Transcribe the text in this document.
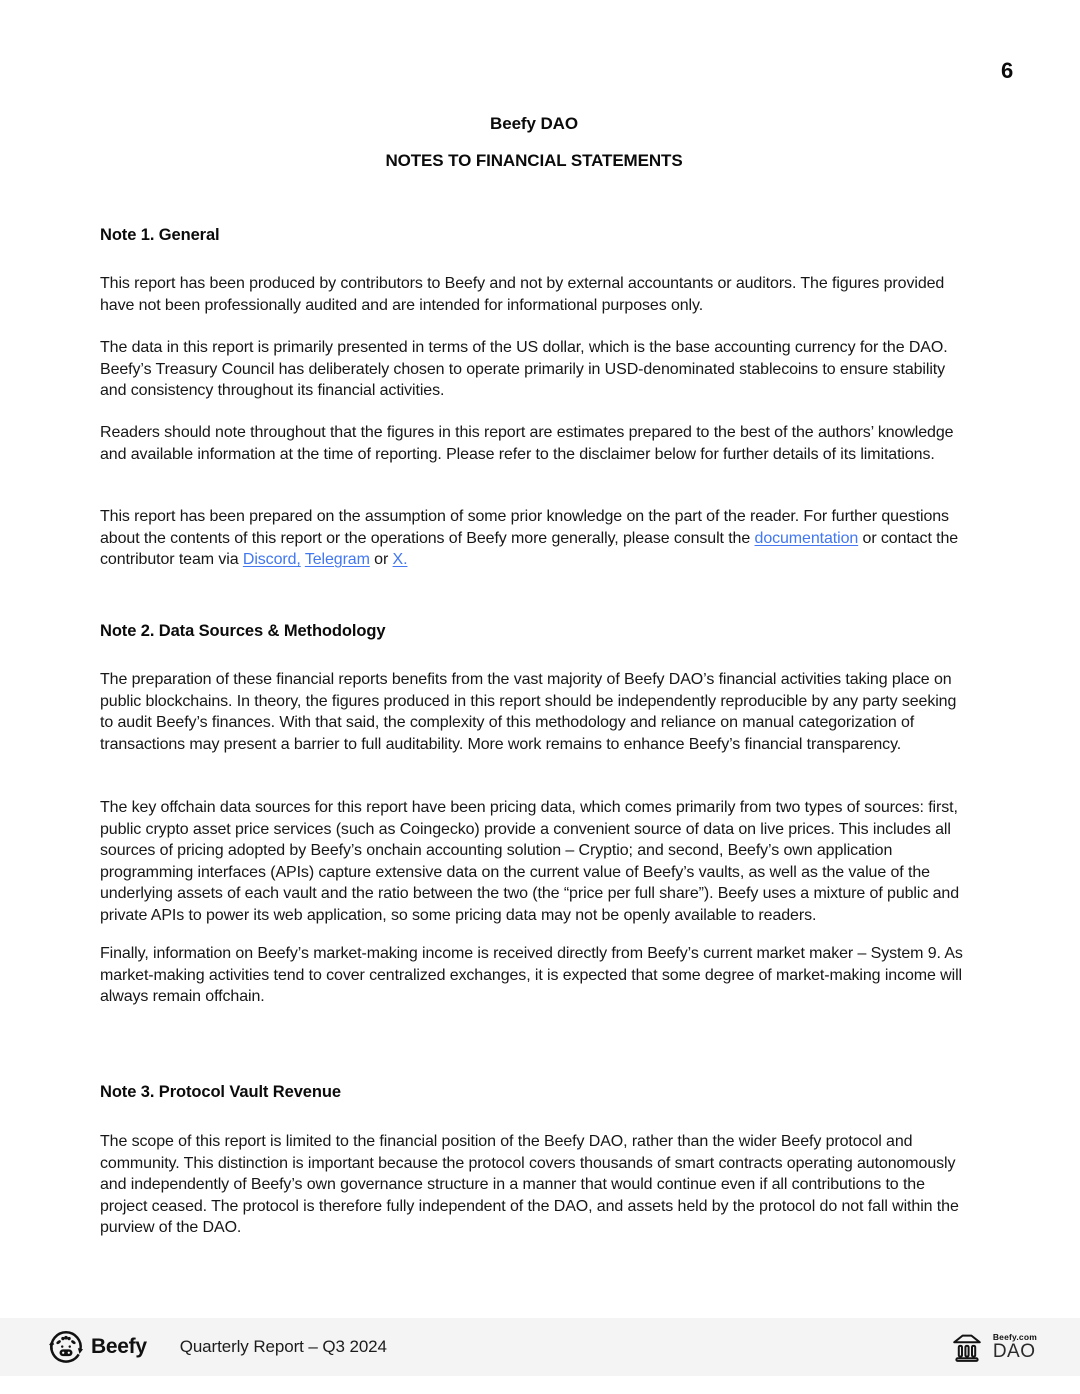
6
Beefy DAO
NOTES TO FINANCIAL STATEMENTS
Note 1. General
This report has been produced by contributors to Beefy and not by external accountants or auditors. The figures provided have not been professionally audited and are intended for informational purposes only.
The data in this report is primarily presented in terms of the US dollar, which is the base accounting currency for the DAO. Beefy’s Treasury Council has deliberately chosen to operate primarily in USD-denominated stablecoins to ensure stability and consistency throughout its financial activities.
Readers should note throughout that the figures in this report are estimates prepared to the best of the authors’ knowledge and available information at the time of reporting. Please refer to the disclaimer below for further details of its limitations.
This report has been prepared on the assumption of some prior knowledge on the part of the reader. For further questions about the contents of this report or the operations of Beefy more generally, please consult the documentation or contact the contributor team via Discord, Telegram or X.
Note 2. Data Sources & Methodology
The preparation of these financial reports benefits from the vast majority of Beefy DAO’s financial activities taking place on public blockchains. In theory, the figures produced in this report should be independently reproducible by any party seeking to audit Beefy’s finances. With that said, the complexity of this methodology and reliance on manual categorization of transactions may present a barrier to full auditability. More work remains to enhance Beefy’s financial transparency.
The key offchain data sources for this report have been pricing data, which comes primarily from two types of sources: first, public crypto asset price services (such as Coingecko) provide a convenient source of data on live prices. This includes all sources of pricing adopted by Beefy’s onchain accounting solution – Cryptio; and second, Beefy’s own application programming interfaces (APIs) capture extensive data on the current value of Beefy’s vaults, as well as the value of the underlying assets of each vault and the ratio between the two (the “price per full share”). Beefy uses a mixture of public and private APIs to power its web application, so some pricing data may not be openly available to readers.
Finally, information on Beefy’s market-making income is received directly from Beefy’s current market maker – System 9. As market-making activities tend to cover centralized exchanges, it is expected that some degree of market-making income will always remain offchain.
Note 3. Protocol Vault Revenue
The scope of this report is limited to the financial position of the Beefy DAO, rather than the wider Beefy protocol and community. This distinction is important because the protocol covers thousands of smart contracts operating autonomously and independently of Beefy’s own governance structure in a manner that would continue even if all contributions to the project ceased. The protocol is therefore fully independent of the DAO, and assets held by the protocol do not fall within the purview of the DAO.
Beefy Quarterly Report – Q3 2024	Beefy.com
DAO
